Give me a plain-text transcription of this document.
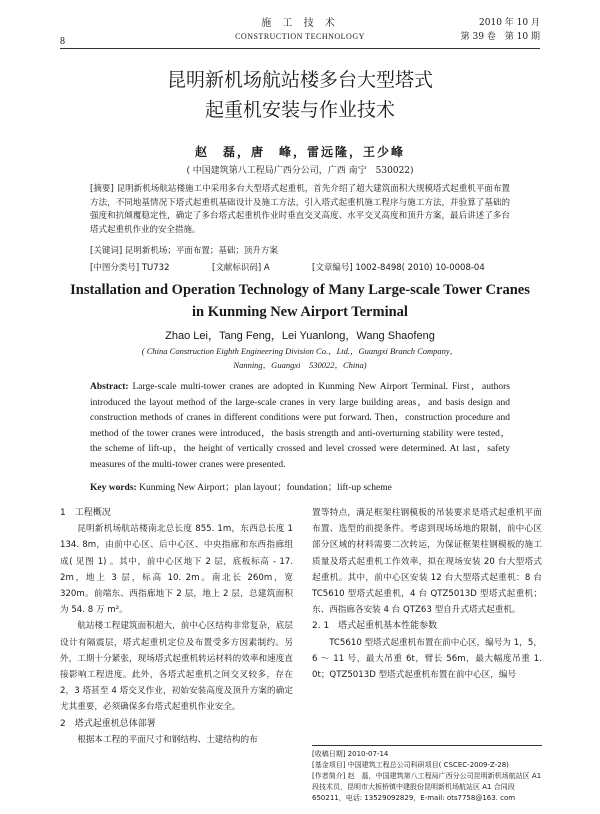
8
施 工 技 术
CONSTRUCTION TECHNOLOGY
2010 年 10 月
第 39 卷　第 10 期
昆明新机场航站楼多台大型塔式
起重机安装与作业技术
赵　磊，唐　峰，雷远隆，王少峰
( 中国建筑第八工程局广西分公司，广西 南宁　530022)
[摘要] 昆明新机场航站楼施工中采用多台大型塔式起重机，首先介绍了超大建筑面积大规模塔式起重机平面布置方法，不同地基情况下塔式起重机基础设计及施工方法，引入塔式起重机施工程序与施工方法，并验算了基础的强度和抗倾覆稳定性，确定了多台塔式起重机作业时垂直交叉高度、水平交叉高度和顶升方案，最后讲述了多台塔式起重机作业的安全措施。
[关键词] 昆明新机场；平面布置；基础；顶升方案
[中图分类号] TU732	[文献标识码] A	[文章编号] 1002-8498( 2010) 10-0008-04
Installation and Operation Technology of Many Large-scale Tower Cranes
in Kunming New Airport Terminal
Zhao Lei，Tang Feng，Lei Yuanlong，Wang Shaofeng
( China Construction Eighth Engineering Division Co.，Ltd.，Guangxi Branch Company，
Nanning，Guangxi　530022，China)
Abstract: Large-scale multi-tower cranes are adopted in Kunming New Airport Terminal. First，authors introduced the layout method of the large-scale cranes in very large building areas，and basis design and construction methods of cranes in different conditions were put forward. Then，construction procedure and method of the tower cranes were introduced，the basis strength and anti-overturning stability were tested，the scheme of lift-up，the height of vertically crossed and level crossed were determined. At last，safety measures of the multi-tower cranes were presented.
Key words: Kunming New Airport；plan layout；foundation；lift-up scheme
1　工程概况

昆明新机场航站楼南北总长度 855. 1m，东西总长度 1 134. 8m，由前中心区、后中心区、中央指廊和东西指廊组成( 见图 1) 。其中，前中心区地下 2 层，底板标高 - 17. 2m，地上 3 层，标高 10. 2m。南北长 260m，宽 320m。前端东、西指廊地下 2 层，地上 2 层，总建筑面积为 54. 8 万 m²。

航站楼工程建筑面积超大，前中心区结构非常复杂，底层设计有隔震层，塔式起重机定位及布置受多方因素制约。另外，工期十分紧张，现场塔式起重机转运材料的效率和速度直接影响工程进度。此外，各塔式起重机之间交叉较多，存在 2，3 塔甚至 4 塔交叉作业，初始安装高度及顶升方案的确定尤其重要，必须确保多台塔式起重机作业安全。

2　塔式起重机总体部署

根据本工程的平面尺寸和钢结构、土建结构的布

置等特点，满足框架柱钢模板的吊装要求是塔式起重机平面布置、选型的前提条件。考虑到现场场地的限制，前中心区部分区域的材料需要二次转运，为保证框架柱钢模板的施工质量及塔式起重机工作效率，拟在现场安装 20 台大型塔式起重机。其中，前中心区安装 12 台大型塔式起重机：8 台 TC5610 型塔式起重机，4 台 QTZ5013D 型塔式起重机；东、西指廊各安装 4 台 QTZ63 型自升式塔式起重机。

2. 1　塔式起重机基本性能参数

TC5610 型塔式起重机布置在前中心区，编号为 1，5，6 ～ 11 号，最大吊重 6t，臂长 56m，最大幅度吊重 1. 0t；QTZ5013D 型塔式起重机布置在前中心区，编号

[收稿日期] 2010-07-14
[基金项目] 中国建筑工程总公司科研项目( CSCEC-2009-Z-28)
[作者简介] 赵　磊，中国建筑第八工程局广西分公司昆明新机场航站区 A1 段技术员，昆明市大板桥镇中建股份昆明新机场航站区 A1 合同段　650211，电话: 13529092829，E-mail: ots7758@163. com
